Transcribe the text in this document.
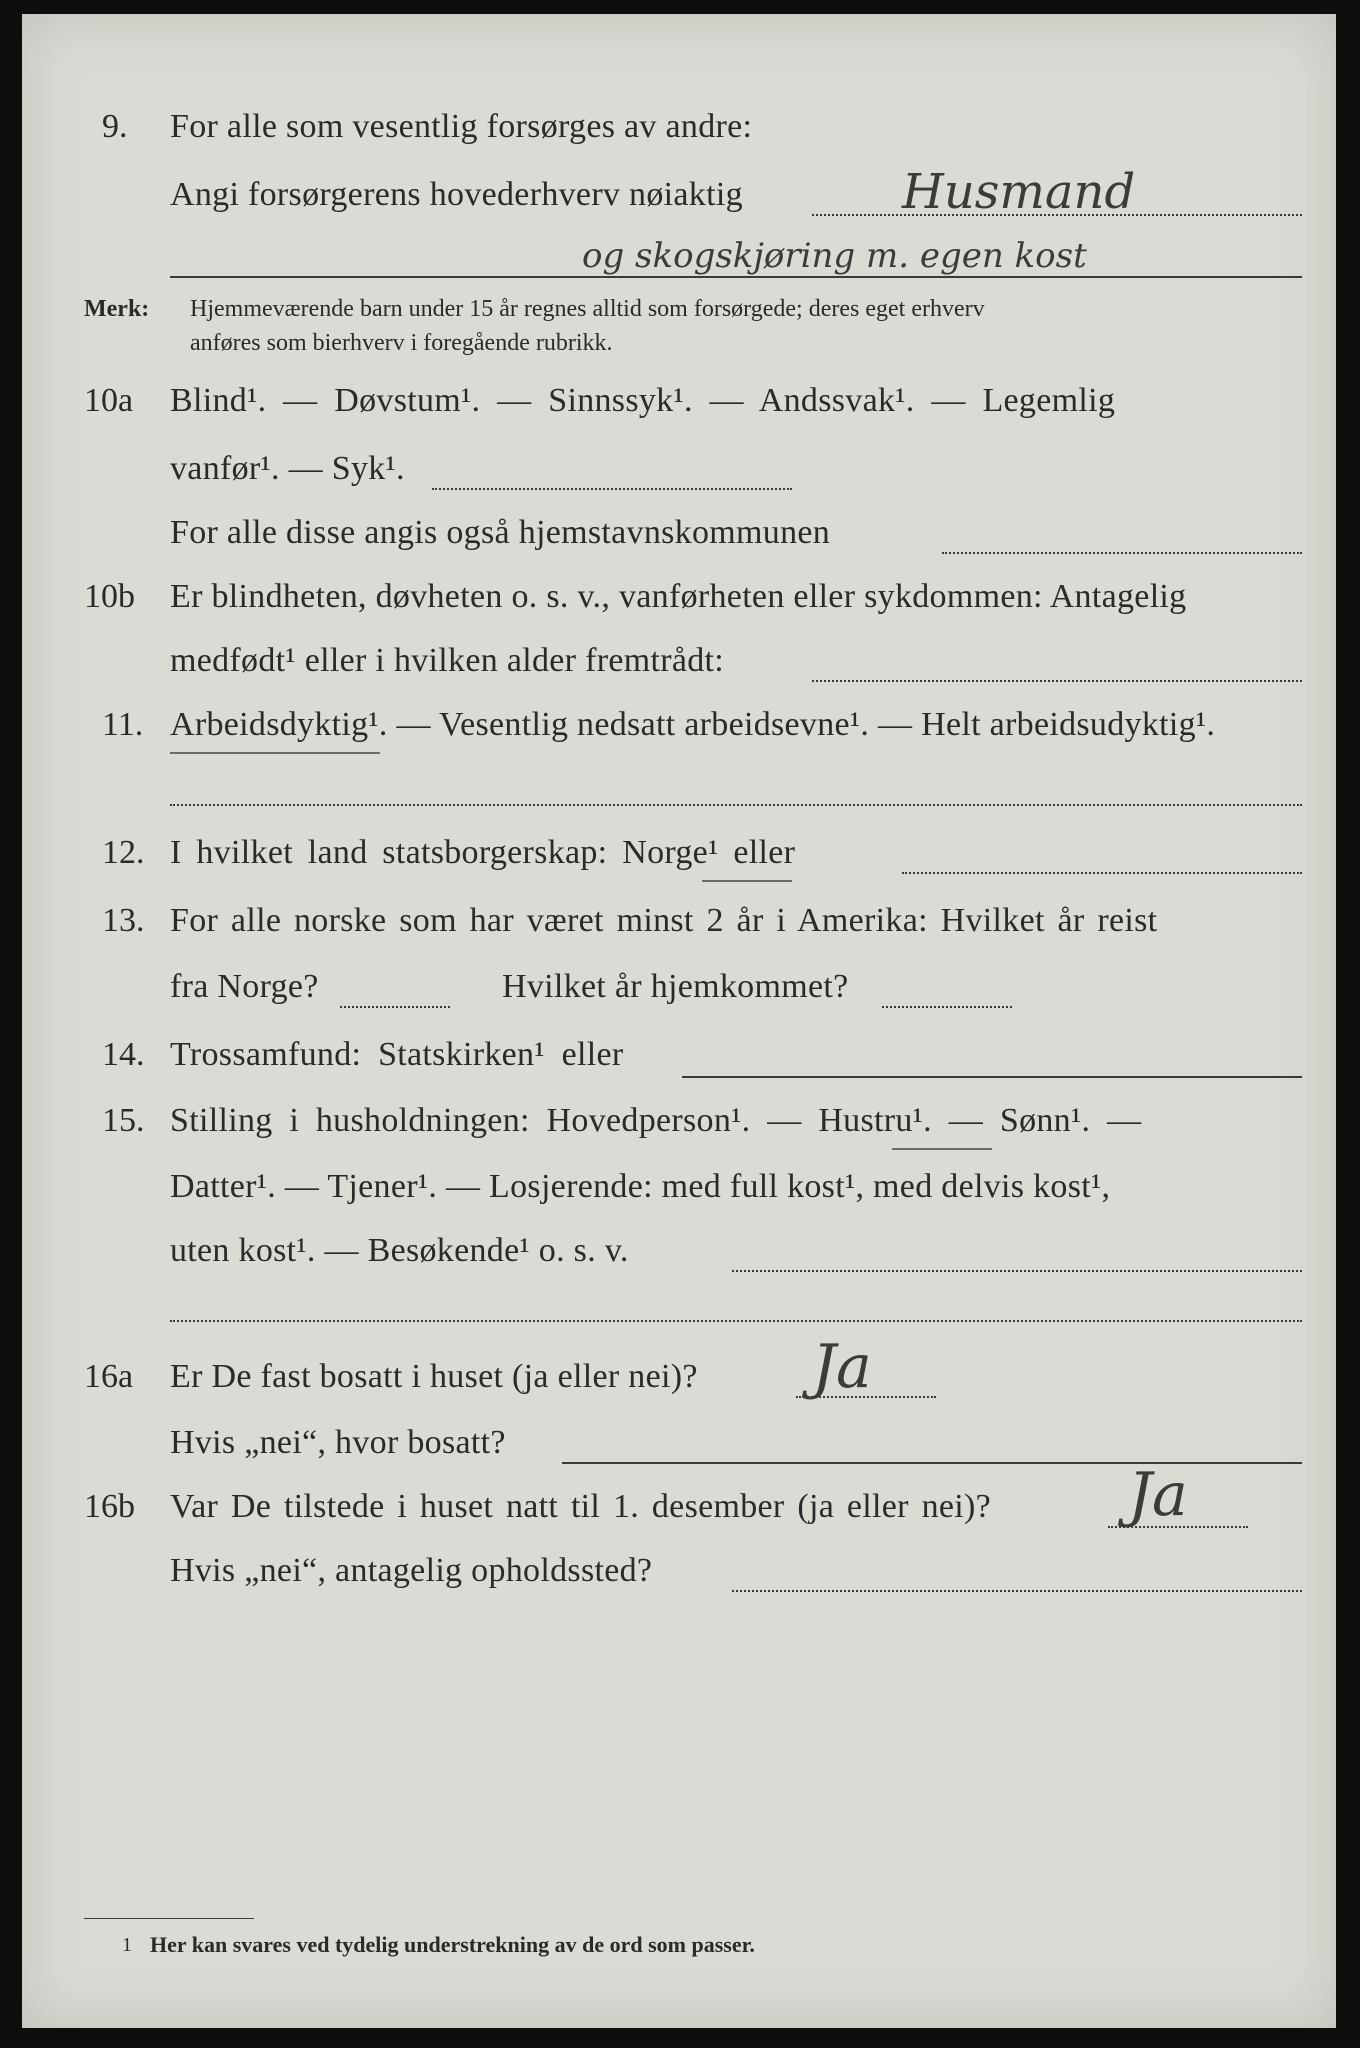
9. For alle som vesentlig forsørges av andre:
Angi forsørgerens hovederhverv nøiaktig	Husmand
og skogskjøring m. egen kost
Merk: Hjemmeværende barn under 15 år regnes alltid som forsørgede; deres eget erhverv
anføres som bierhverv i foregående rubrikk.
10a Blind¹. — Døvstum¹. — Sinnssyk¹. — Andssvak¹. — Legemlig
vanfør¹. — Syk¹.
For alle disse angis også hjemstavnskommunen
10b Er blindheten, døvheten o. s. v., vanførheten eller sykdommen: Antagelig
medfødt¹ eller i hvilken alder fremtrådt:
11. Arbeidsdyktig¹. — Vesentlig nedsatt arbeidsevne¹. — Helt arbeidsudyktig¹.
12. I hvilket land statsborgerskap: Norge¹ eller
13. For alle norske som har været minst 2 år i Amerika: Hvilket år reist
fra Norge?	Hvilket år hjemkommet?
14. Trossamfund: Statskirken¹ eller
15. Stilling i husholdningen: Hovedperson¹. — Hustru¹. — Sønn¹. —
Datter¹. — Tjener¹. — Losjerende: med full kost¹, med delvis kost¹,
uten kost¹. — Besøkende¹ o. s. v.
16a Er De fast bosatt i huset (ja eller nei)? Ja
Hvis „nei“, hvor bosatt?
16b Var De tilstede i huset natt til 1. desember (ja eller nei)? Ja
Hvis „nei“, antagelig opholdssted?
1 Her kan svares ved tydelig understrekning av de ord som passer.
